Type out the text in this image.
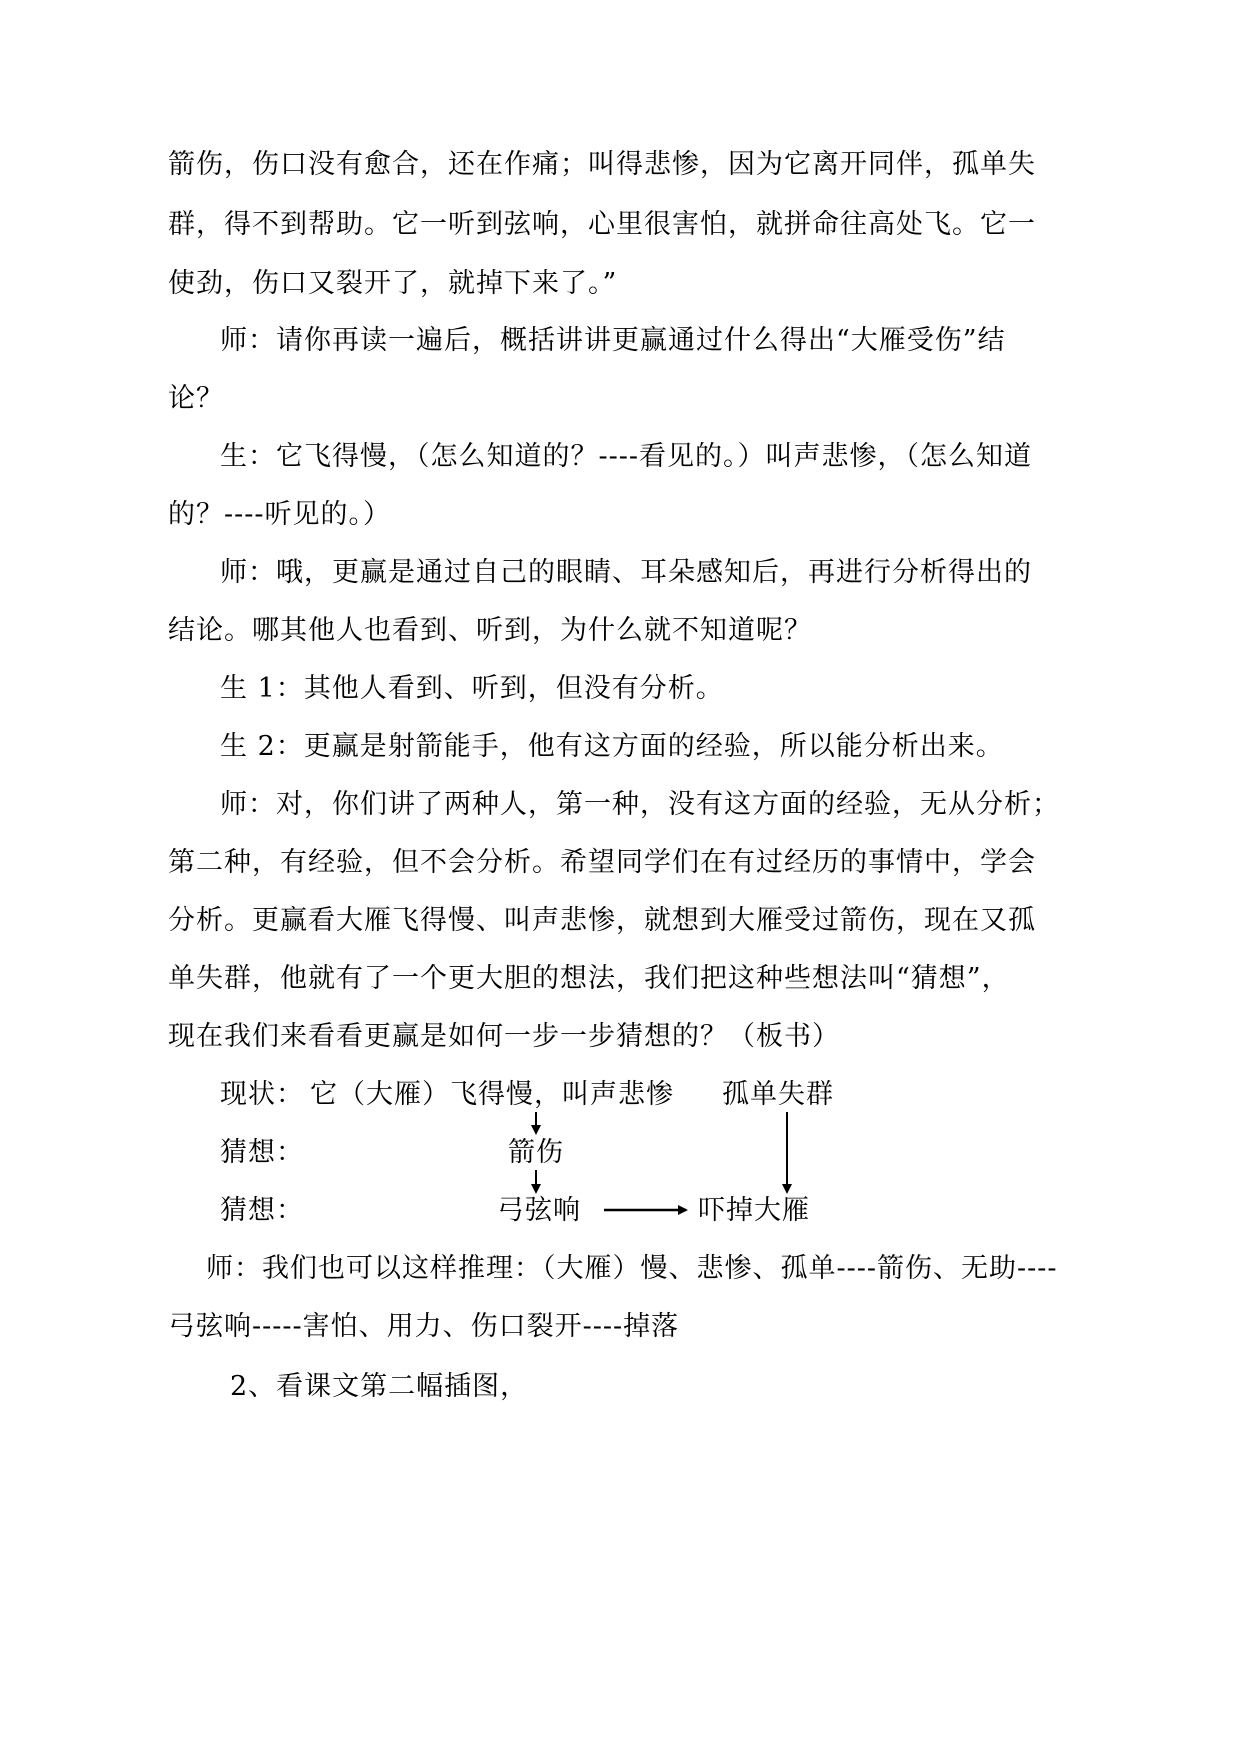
箭伤，伤口没有愈合，还在作痛；叫得悲惨，因为它离开同伴，孤单失
群，得不到帮助。它一听到弦响，心里很害怕，就拼命往高处飞。它一
使劲，伤口又裂开了，就掉下来了。”
师：请你再读一遍后，概括讲讲更赢通过什么得出“大雁受伤”结
论？
生：它飞得慢，（怎么知道的？----看见的。）叫声悲惨，（怎么知道
的？----听见的。）
师：哦，更赢是通过自己的眼睛、耳朵感知后，再进行分析得出的
结论。哪其他人也看到、听到，为什么就不知道呢？
生 1：其他人看到、听到，但没有分析。
生 2：更赢是射箭能手，他有这方面的经验，所以能分析出来。
师：对，你们讲了两种人，第一种，没有这方面的经验，无从分析；
第二种，有经验，但不会分析。希望同学们在有过经历的事情中，学会
分析。更赢看大雁飞得慢、叫声悲惨，就想到大雁受过箭伤，现在又孤
单失群，他就有了一个更大胆的想法，我们把这种些想法叫“猜想”，
现在我们来看看更赢是如何一步一步猜想的？（板书）
现状： 它（大雁）飞得慢，叫声悲惨 孤单失群
猜想：	箭伤
猜想：	弓弦响	吓掉大雁
师：我们也可以这样推理：（大雁）慢、悲惨、孤单----箭伤、无助----
弓弦响-----害怕、用力、伤口裂开----掉落
2、看课文第二幅插图，
